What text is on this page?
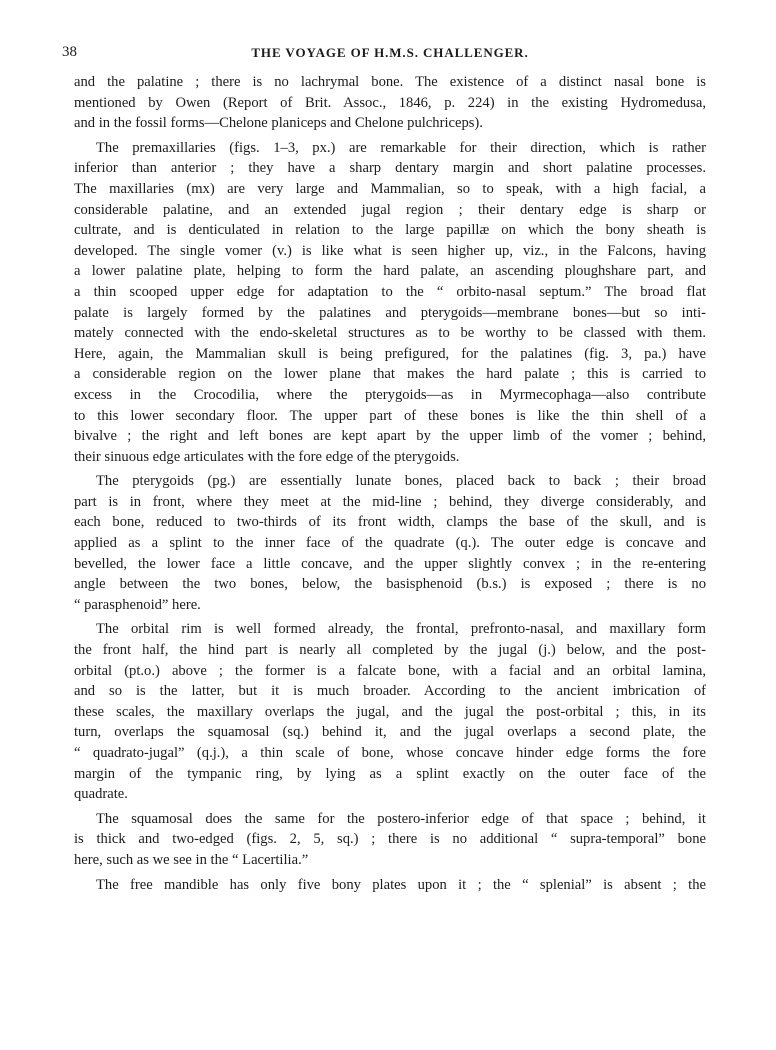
38	THE VOYAGE OF H.M.S. CHALLENGER.

and the palatine ; there is no lachrymal bone. The existence of a distinct nasal bone is
mentioned by Owen (Report of Brit. Assoc., 1846, p. 224) in the existing Hydromedusa,
and in the fossil forms—Chelone planiceps and Chelone pulchriceps).

The premaxillaries (figs. 1–3, px.) are remarkable for their direction, which is rather

inferior than anterior ; they have a sharp dentary margin and short palatine processes.
The maxillaries (mx) are very large and Mammalian, so to speak, with a high facial, a
considerable palatine, and an extended jugal region ; their dentary edge is sharp or
cultrate, and is denticulated in relation to the large papillæ on which the bony sheath is
developed. The single vomer (v.) is like what is seen higher up, viz., in the Falcons, having
a lower palatine plate, helping to form the hard palate, an ascending ploughshare part, and
a thin scooped upper edge for adaptation to the “ orbito-nasal septum.” The broad flat
palate is largely formed by the palatines and pterygoids—membrane bones—but so inti-
mately connected with the endo-skeletal structures as to be worthy to be classed with them.
Here, again, the Mammalian skull is being prefigured, for the palatines (fig. 3, pa.) have
a considerable region on the lower plane that makes the hard palate ; this is carried to
excess in the Crocodilia, where the pterygoids—as in Myrmecophaga—also contribute
to this lower secondary floor. The upper part of these bones is like the thin shell of a
bivalve ; the right and left bones are kept apart by the upper limb of the vomer ; behind,
their sinuous edge articulates with the fore edge of the pterygoids.

The pterygoids (pg.) are essentially lunate bones, placed back to back ; their broad

part is in front, where they meet at the mid-line ; behind, they diverge considerably, and
each bone, reduced to two-thirds of its front width, clamps the base of the skull, and is
applied as a splint to the inner face of the quadrate (q.). The outer edge is concave and
bevelled, the lower face a little concave, and the upper slightly convex ; in the re-entering
angle between the two bones, below, the basisphenoid (b.s.) is exposed ; there is no
“ parasphenoid” here.

The orbital rim is well formed already, the frontal, prefronto-nasal, and maxillary form

the front half, the hind part is nearly all completed by the jugal (j.) below, and the post-
orbital (pt.o.) above ; the former is a falcate bone, with a facial and an orbital lamina,
and so is the latter, but it is much broader. According to the ancient imbrication of
these scales, the maxillary overlaps the jugal, and the jugal the post-orbital ; this, in its
turn, overlaps the squamosal (sq.) behind it, and the jugal overlaps a second plate, the
“ quadrato-jugal” (q.j.), a thin scale of bone, whose concave hinder edge forms the fore
margin of the tympanic ring, by lying as a splint exactly on the outer face of the
quadrate.

The squamosal does the same for the postero-inferior edge of that space ; behind, it

is thick and two-edged (figs. 2, 5, sq.) ; there is no additional “ supra-temporal” bone
here, such as we see in the “ Lacertilia.”

The free mandible has only five bony plates upon it ; the “ splenial” is absent ; the
